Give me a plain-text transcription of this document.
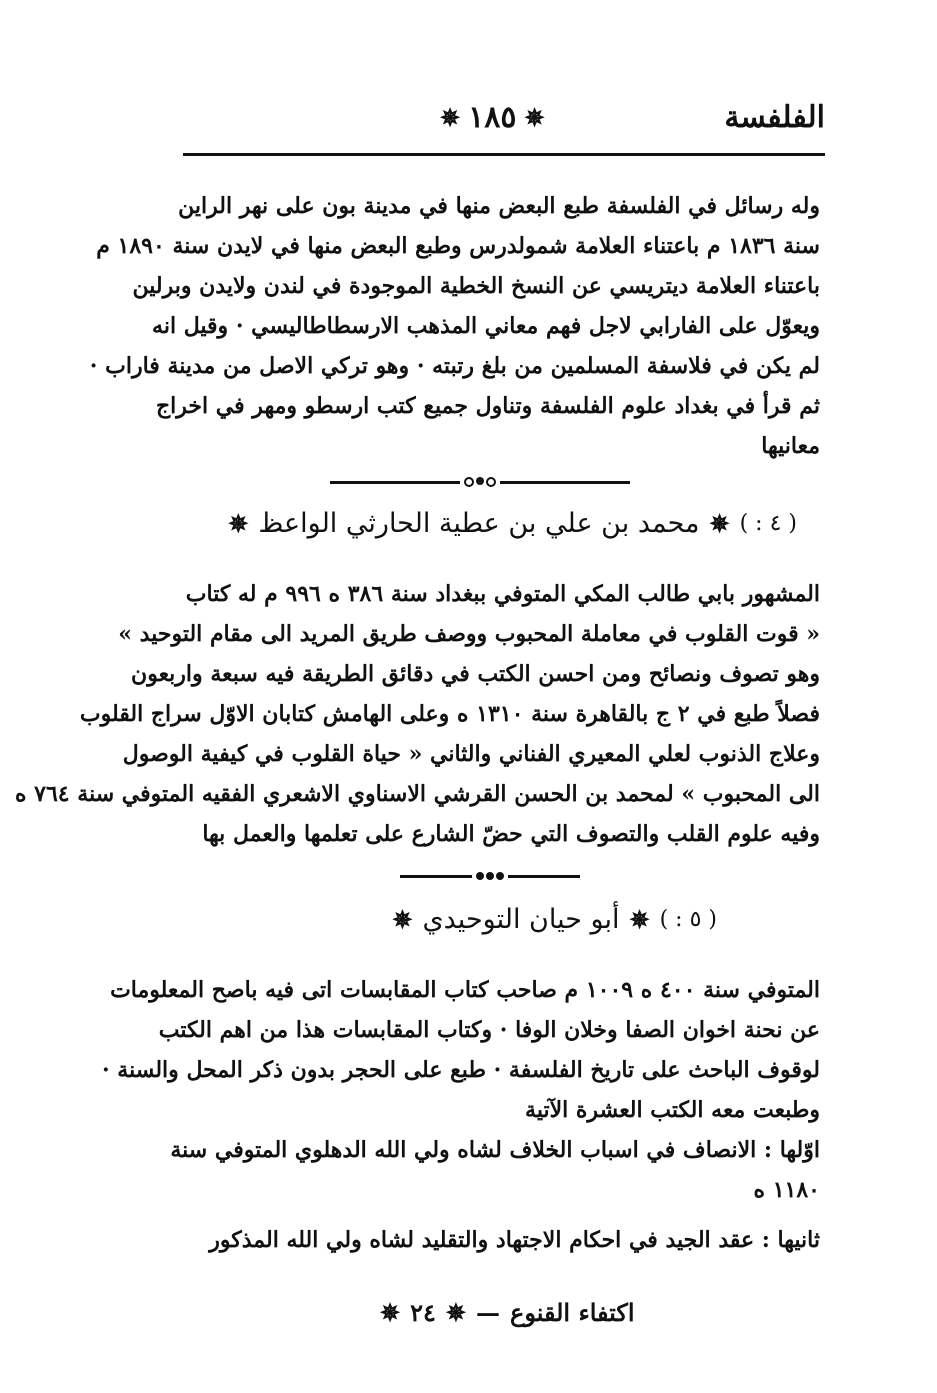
الفلفسة
✵
١٨٥
✵
وله رسائل في الفلسفة طبع البعض منها في مدينة بون على نهر الراين
سنة ١٨٣٦ م باعتناء العلامة شمولدرس وطبع البعض منها في لايدن سنة ١٨٩٠ م
باعتناء العلامة ديتريسي عن النسخ الخطية الموجودة في لندن ولايدن وبرلين
ويعوّل على الفارابي لاجل فهم معاني المذهب الارسطاطاليسي · وقيل انه
لم يكن في فلاسفة المسلمين من بلغ رتبته · وهو تركي الاصل من مدينة فاراب ·
ثم قرأ في بغداد علوم الفلسفة وتناول جميع كتب ارسطو ومهر في اخراج
معانيها
( ٤ : )
✵
محمد بن علي بن عطية الحارثي الواعظ
✵
المشهور بابي طالب المكي المتوفي ببغداد سنة ٣٨٦ ه ٩٩٦ م له كتاب
« قوت القلوب في معاملة المحبوب ووصف طريق المريد الى مقام التوحيد »
وهو تصوف ونصائح ومن احسن الكتب في دقائق الطريقة فيه سبعة واربعون
فصلاً طبع في ٢ ج بالقاهرة سنة ١٣١٠ ه وعلى الهامش كتابان الاوّل سراج القلوب
وعلاج الذنوب لعلي المعيري الفناني والثاني « حياة القلوب في كيفية الوصول
الى المحبوب » لمحمد بن الحسن القرشي الاسناوي الاشعري الفقيه المتوفي سنة ٧٦٤ ه
وفيه علوم القلب والتصوف التي حضّ الشارع على تعلمها والعمل بها
( ٥ : )
✵
أبو حيان التوحيدي
✵
المتوفي سنة ٤٠٠ ه ١٠٠٩ م صاحب كتاب المقابسات اتى فيه باصح المعلومات
عن نحنة اخوان الصفا وخلان الوفا · وكتاب المقابسات هذا من اهم الكتب
لوقوف الباحث على تاريخ الفلسفة · طبع على الحجر بدون ذكر المحل والسنة ·
وطبعت معه الكتب العشرة الآتية
اوّلها : الانصاف في اسباب الخلاف لشاه ولي الله الدهلوي المتوفي سنة
١١٨٠ ه
ثانيها : عقد الجيد في احكام الاجتهاد والتقليد لشاه ولي الله المذكور
اكتفاء القنوع
—
✵
٢٤
✵
